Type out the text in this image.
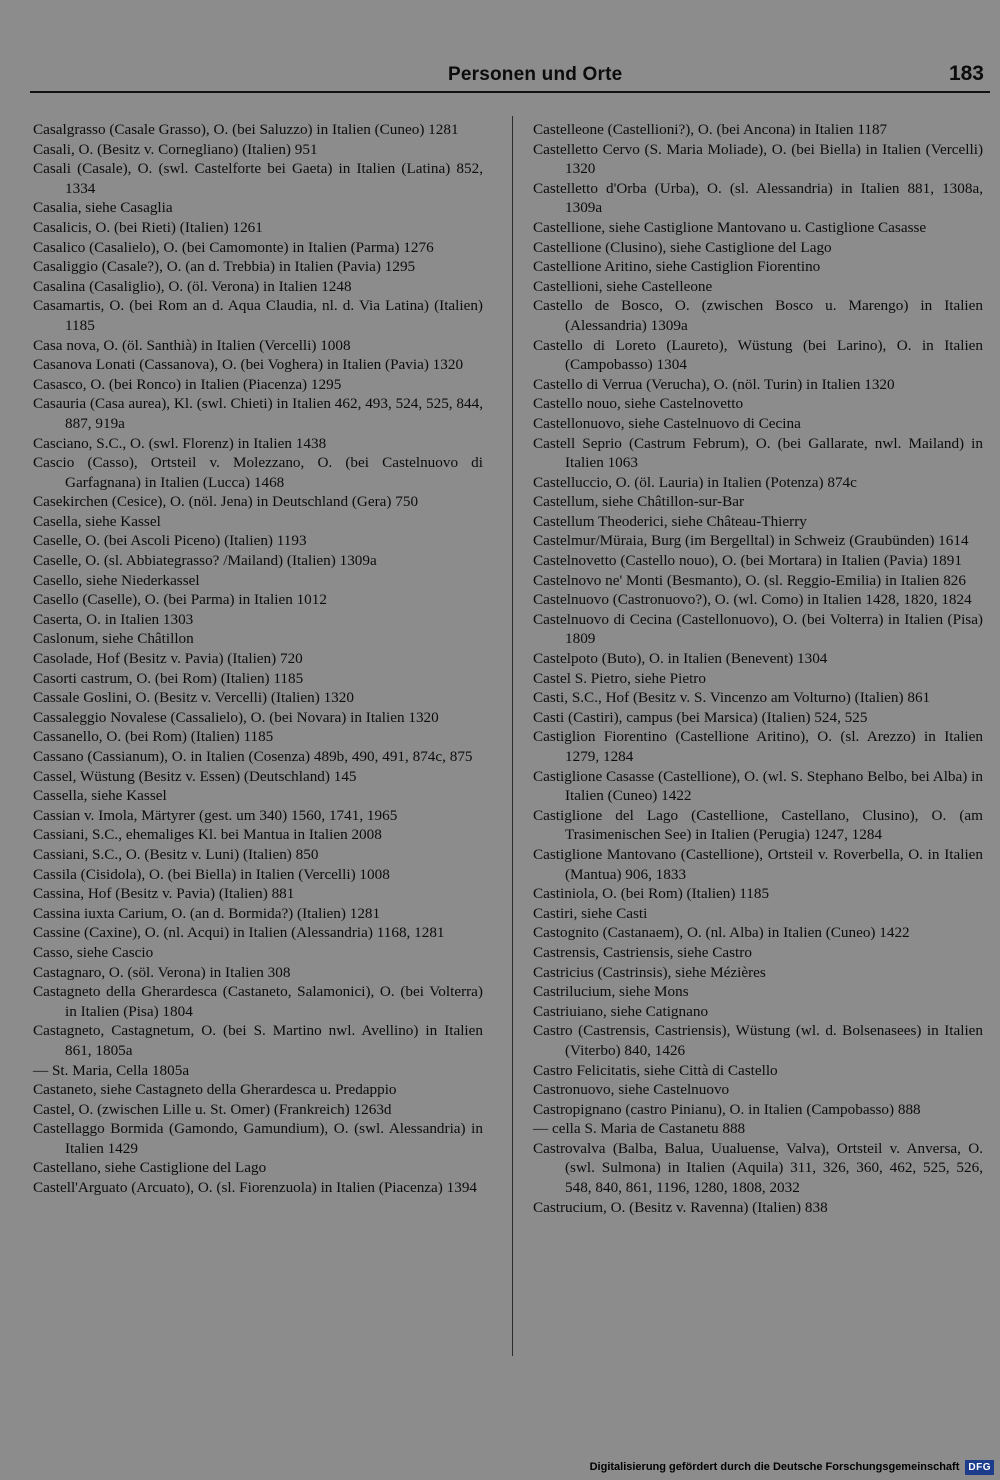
Personen und Orte	183

Casalgrasso (Casale Grasso), O. (bei Saluzzo) in Italien (Cuneo) 1281

Casali, O. (Besitz v. Cornegliano) (Italien) 951

Casali (Casale), O. (swl. Castelforte bei Gaeta) in Italien (Latina) 852, 1334

Casalia, siehe Casaglia

Casalicis, O. (bei Rieti) (Italien) 1261

Casalico (Casalielo), O. (bei Camomonte) in Italien (Parma) 1276

Casaliggio (Casale?), O. (an d. Trebbia) in Italien (Pavia) 1295

Casalina (Casaliglio), O. (öl. Verona) in Italien 1248

Casamartis, O. (bei Rom an d. Aqua Claudia, nl. d. Via Latina) (Italien) 1185

Casa nova, O. (öl. Santhià) in Italien (Vercelli) 1008

Casanova Lonati (Cassanova), O. (bei Voghera) in Italien (Pavia) 1320

Casasco, O. (bei Ronco) in Italien (Piacenza) 1295

Casauria (Casa aurea), Kl. (swl. Chieti) in Italien 462, 493, 524, 525, 844, 887, 919a

Casciano, S.C., O. (swl. Florenz) in Italien 1438

Cascio (Casso), Ortsteil v. Molezzano, O. (bei Castelnuovo di Garfagnana) in Italien (Lucca) 1468

Casekirchen (Cesice), O. (nöl. Jena) in Deutschland (Gera) 750

Casella, siehe Kassel

Caselle, O. (bei Ascoli Piceno) (Italien) 1193

Caselle, O. (sl. Abbiategrasso? /Mailand) (Italien) 1309a

Casello, siehe Niederkassel

Casello (Caselle), O. (bei Parma) in Italien 1012

Caserta, O. in Italien 1303

Caslonum, siehe Châtillon

Casolade, Hof (Besitz v. Pavia) (Italien) 720

Casorti castrum, O. (bei Rom) (Italien) 1185

Cassale Goslini, O. (Besitz v. Vercelli) (Italien) 1320

Cassaleggio Novalese (Cassalielo), O. (bei Novara) in Italien 1320

Cassanello, O. (bei Rom) (Italien) 1185

Cassano (Cassianum), O. in Italien (Cosenza) 489b, 490, 491, 874c, 875

Cassel, Wüstung (Besitz v. Essen) (Deutschland) 145

Cassella, siehe Kassel

Cassian v. Imola, Märtyrer (gest. um 340) 1560, 1741, 1965

Cassiani, S.C., ehemaliges Kl. bei Mantua in Italien 2008

Cassiani, S.C., O. (Besitz v. Luni) (Italien) 850

Cassila (Cisidola), O. (bei Biella) in Italien (Vercelli) 1008

Cassina, Hof (Besitz v. Pavia) (Italien) 881

Cassina iuxta Carium, O. (an d. Bormida?) (Italien) 1281

Cassine (Caxine), O. (nl. Acqui) in Italien (Alessandria) 1168, 1281

Casso, siehe Cascio

Castagnaro, O. (söl. Verona) in Italien 308

Castagneto della Gherardesca (Castaneto, Salamonici), O. (bei Volterra) in Italien (Pisa) 1804

Castagneto, Castagnetum, O. (bei S. Martino nwl. Avellino) in Italien 861, 1805a

— St. Maria, Cella 1805a

Castaneto, siehe Castagneto della Gherardesca u. Predappio

Castel, O. (zwischen Lille u. St. Omer) (Frankreich) 1263d

Castellaggo Bormida (Gamondo, Gamundium), O. (swl. Alessandria) in Italien 1429

Castellano, siehe Castiglione del Lago

Castell'Arguato (Arcuato), O. (sl. Fiorenzuola) in Italien (Piacenza) 1394

Castelleone (Castellioni?), O. (bei Ancona) in Italien 1187

Castelletto Cervo (S. Maria Moliade), O. (bei Biella) in Italien (Vercelli) 1320

Castelletto d'Orba (Urba), O. (sl. Alessandria) in Italien 881, 1308a, 1309a

Castellione, siehe Castiglione Mantovano u. Castiglione Casasse

Castellione (Clusino), siehe Castiglione del Lago

Castellione Aritino, siehe Castiglion Fiorentino

Castellioni, siehe Castelleone

Castello de Bosco, O. (zwischen Bosco u. Marengo) in Italien (Alessandria) 1309a

Castello di Loreto (Laureto), Wüstung (bei Larino), O. in Italien (Campobasso) 1304

Castello di Verrua (Verucha), O. (nöl. Turin) in Italien 1320

Castello nouo, siehe Castelnovetto

Castellonuovo, siehe Castelnuovo di Cecina

Castell Seprio (Castrum Februm), O. (bei Gallarate, nwl. Mailand) in Italien 1063

Castelluccio, O. (öl. Lauria) in Italien (Potenza) 874c

Castellum, siehe Châtillon-sur-Bar

Castellum Theoderici, siehe Château-Thierry

Castelmur/Müraia, Burg (im Bergelltal) in Schweiz (Graubünden) 1614

Castelnovetto (Castello nouo), O. (bei Mortara) in Italien (Pavia) 1891

Castelnovo ne' Monti (Besmanto), O. (sl. Reggio-Emilia) in Italien 826

Castelnuovo (Castronuovo?), O. (wl. Como) in Italien 1428, 1820, 1824

Castelnuovo di Cecina (Castellonuovo), O. (bei Volterra) in Italien (Pisa) 1809

Castelpoto (Buto), O. in Italien (Benevent) 1304

Castel S. Pietro, siehe Pietro

Casti, S.C., Hof (Besitz v. S. Vincenzo am Volturno) (Italien) 861

Casti (Castiri), campus (bei Marsica) (Italien) 524, 525

Castiglion Fiorentino (Castellione Aritino), O. (sl. Arezzo) in Italien 1279, 1284

Castiglione Casasse (Castellione), O. (wl. S. Stephano Belbo, bei Alba) in Italien (Cuneo) 1422

Castiglione del Lago (Castellione, Castellano, Clusino), O. (am Trasimenischen See) in Italien (Perugia) 1247, 1284

Castiglione Mantovano (Castellione), Ortsteil v. Roverbella, O. in Italien (Mantua) 906, 1833

Castiniola, O. (bei Rom) (Italien) 1185

Castiri, siehe Casti

Castognito (Castanaem), O. (nl. Alba) in Italien (Cuneo) 1422

Castrensis, Castriensis, siehe Castro

Castricius (Castrinsis), siehe Mézières

Castrilucium, siehe Mons

Castriuiano, siehe Catignano

Castro (Castrensis, Castriensis), Wüstung (wl. d. Bolsenasees) in Italien (Viterbo) 840, 1426

Castro Felicitatis, siehe Città di Castello

Castronuovo, siehe Castelnuovo

Castropignano (castro Pinianu), O. in Italien (Campobasso) 888

— cella S. Maria de Castanetu 888

Castrovalva (Balba, Balua, Uualuense, Valva), Ortsteil v. Anversa, O. (swl. Sulmona) in Italien (Aquila) 311, 326, 360, 462, 525, 526, 548, 840, 861, 1196, 1280, 1808, 2032

Castrucium, O. (Besitz v. Ravenna) (Italien) 838

Digitalisierung gefördert durch die Deutsche Forschungsgemeinschaft DFG
